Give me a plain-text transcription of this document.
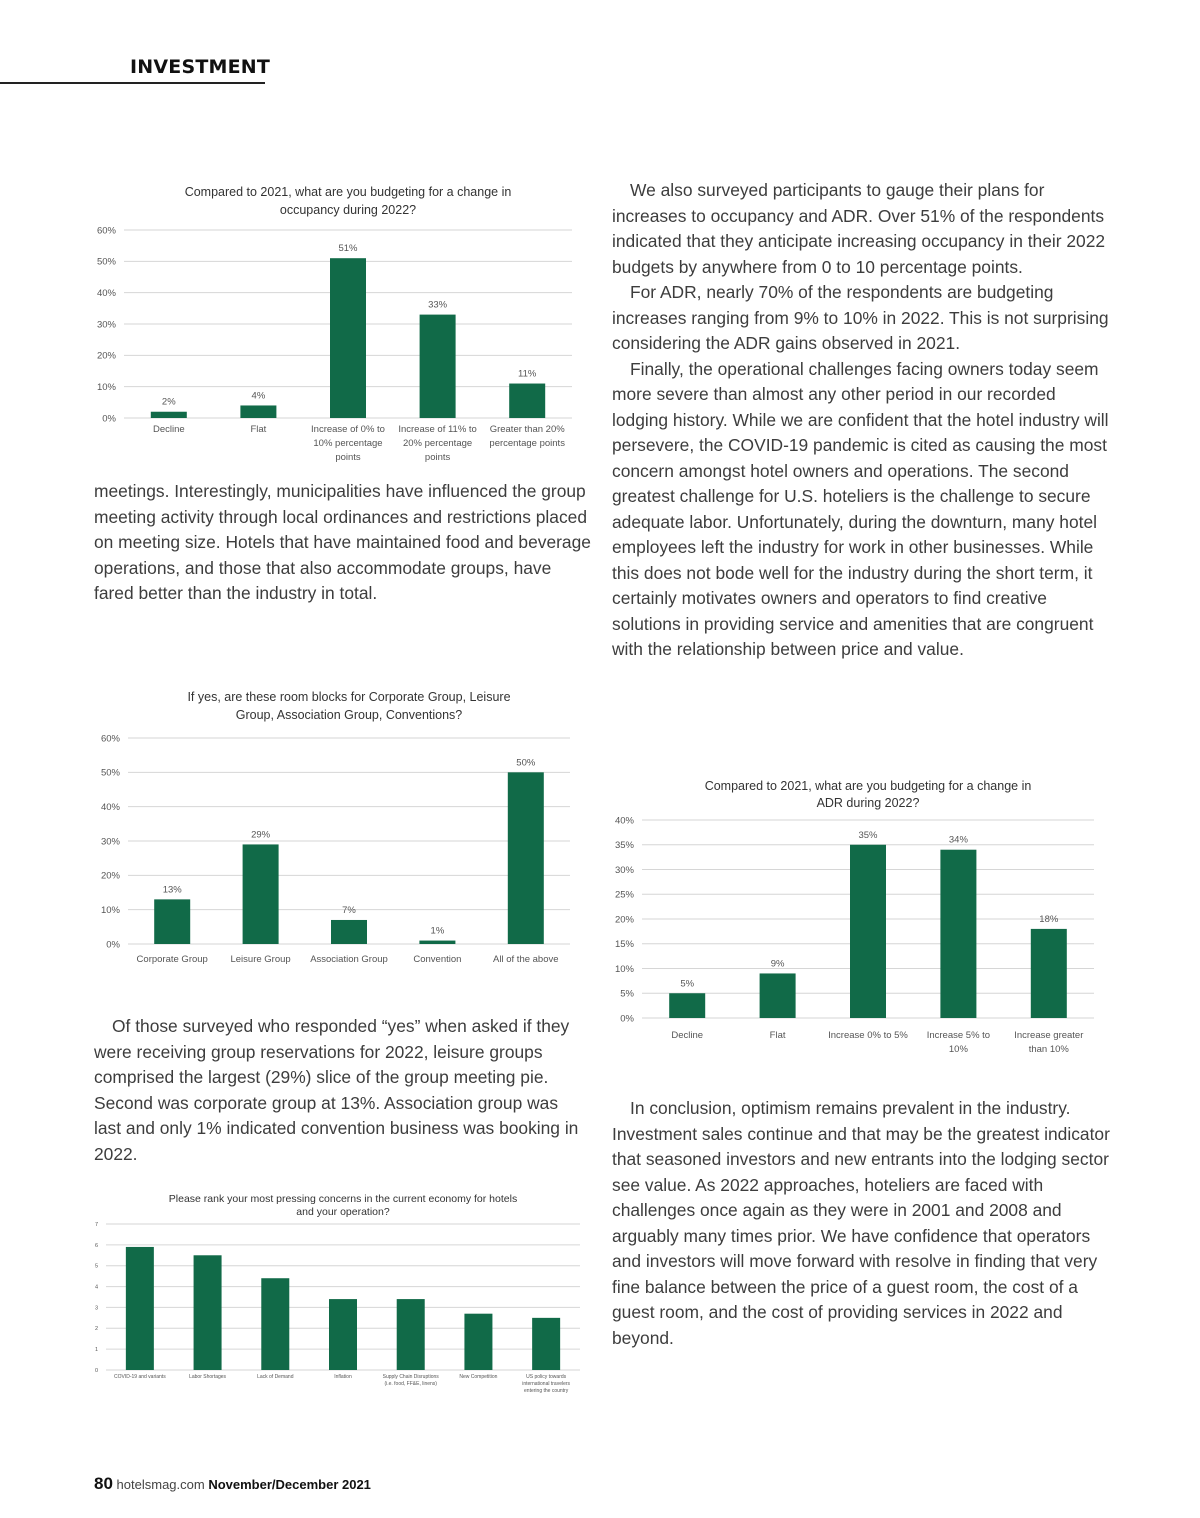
INVESTMENT
Compared to 2021, what are you budgeting for a change in
occupancy during 2022?
0%
10%
20%
30%
40%
50%
60%
2%
Decline
4%
Flat
51%
Increase of 0% to
10% percentage
points
33%
Increase of 11% to
20% percentage
points
11%
Greater than 20%
percentage points

meetings. Interestingly, municipalities have influenced the group meeting activity through local ordinances and restrictions placed on meeting size. Hotels that have maintained food and beverage operations, and those that also accommodate groups, have fared better than the industry in total.

If yes, are these room blocks for Corporate Group, Leisure
Group, Association Group, Conventions?
0%
10%
20%
30%
40%
50%
60%
13%
Corporate Group
29%
Leisure Group
7%
Association Group
1%
Convention
50%
All of the above

Of those surveyed who responded “yes” when asked if they were receiving group reservations for 2022, leisure groups comprised the largest (29%) slice of the group meeting pie. Second was corporate group at 13%. Association group was last and only 1% indicated convention business was booking in 2022.

Please rank your most pressing concerns in the current economy for hotels
and your operation?
0
1
2
3
4
5
6
7
COVID-19 and variants	Labor Shortages	Lack of Demand	Inflation	Supply Chain Disruptions
(i.e. food, FF&E, linens)
New Competition	US policy towards
international travelers
entering the country

We also surveyed participants to gauge their plans for increases to occupancy and ADR. Over 51% of the respondents indicated that they anticipate increasing occupancy in their 2022 budgets by anywhere from 0 to 10 percentage points.

For ADR, nearly 70% of the respondents are budgeting increases ranging from 9% to 10% in 2022. This is not surprising considering the ADR gains observed in 2021.

Finally, the operational challenges facing owners today seem more severe than almost any other period in our recorded lodging history. While we are confident that the hotel industry will persevere, the COVID-19 pandemic is cited as causing the most concern amongst hotel owners and operations. The second greatest challenge for U.S. hoteliers is the challenge to secure adequate labor. Unfortunately, during the downturn, many hotel employees left the industry for work in other businesses. While this does not bode well for the industry during the short term, it certainly motivates owners and operators to find creative solutions in providing service and amenities that are congruent with the relationship between price and value.

Compared to 2021, what are you budgeting for a change in
ADR during 2022?
0%
5%
10%
15%
20%
25%
30%
35%
40%
5%
Decline
9%
Flat
35%
Increase 0% to 5%
34%
Increase 5% to
10%
18%
Increase greater
than 10%

In conclusion, optimism remains prevalent in the industry. Investment sales continue and that may be the greatest indicator that seasoned investors and new entrants into the lodging sector see value. As 2022 approaches, hoteliers are faced with challenges once again as they were in 2001 and 2008 and arguably many times prior. We have confidence that operators and investors will move forward with resolve in finding that very fine balance between the price of a guest room, the cost of a guest room, and the cost of providing services in 2022 and beyond.

80 hotelsmag.com November/December 2021
